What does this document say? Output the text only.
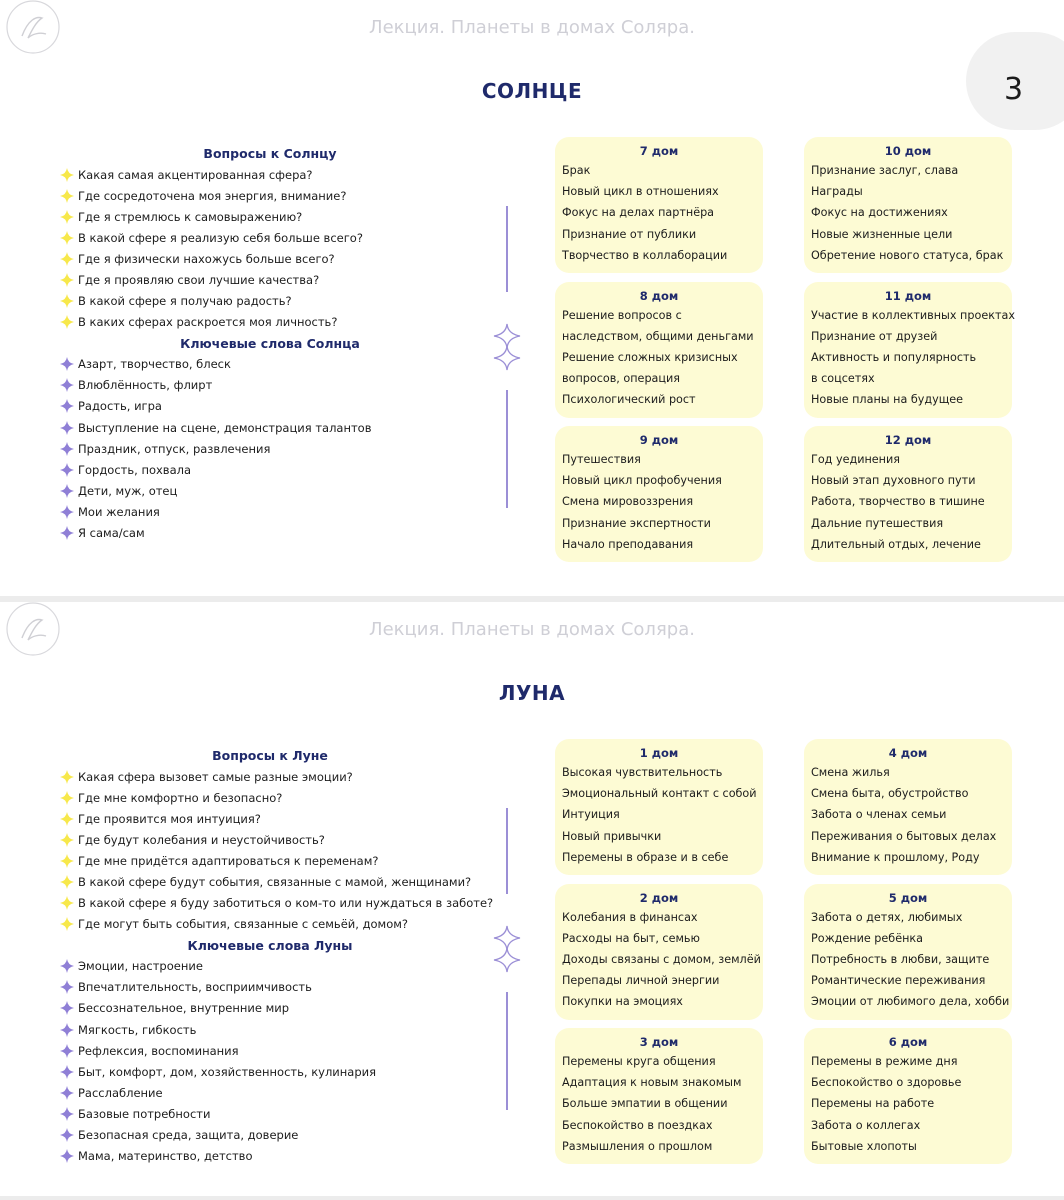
Лекция. Планеты в домах Соляра.
3
СОЛНЦЕ
Вопросы к Солнцу
Какая самая акцентированная сфера?
Где сосредоточена моя энергия, внимание?
Где я стремлюсь к самовыражению?
В какой сфере я реализую себя больше всего?
Где я физически нахожусь больше всего?
Где я проявляю свои лучшие качества?
В какой сфере я получаю радость?
В каких сферах раскроется моя личность?
Ключевые слова Солнца
Азарт, творчество, блеск
Влюблённость, флирт
Радость, игра
Выступление на сцене, демонстрация талантов
Праздник, отпуск, развлечения
Гордость, похвала
Дети, муж, отец
Мои желания
Я сама/сам
7 дом
Брак
Новый цикл в отношениях
Фокус на делах партнёра
Признание от публики
Творчество в коллаборации
10 дом
Признание заслуг, слава
Награды
Фокус на достижениях
Новые жизненные цели
Обретение нового статуса, брак
8 дом
Решение вопросов с
наследством, общими деньгами
Решение сложных кризисных
вопросов, операция
Психологический рост
11 дом
Участие в коллективных проектах
Признание от друзей
Активность и популярность
в соцсетях
Новые планы на будущее
9 дом
Путешествия
Новый цикл профобучения
Смена мировоззрения
Признание экспертности
Начало преподавания
12 дом
Год уединения
Новый этап духовного пути
Работа, творчество в тишине
Дальние путешествия
Длительный отдых, лечение
Лекция. Планеты в домах Соляра.
ЛУНА
Вопросы к Луне
Какая сфера вызовет самые разные эмоции?
Где мне комфортно и безопасно?
Где проявится моя интуиция?
Где будут колебания и неустойчивость?
Где мне придётся адаптироваться к переменам?
В какой сфере будут события, связанные с мамой, женщинами?
В какой сфере я буду заботиться о ком-то или нуждаться в заботе?
Где могут быть события, связанные с семьёй, домом?
Ключевые слова Луны
Эмоции, настроение
Впечатлительность, восприимчивость
Бессознательное, внутренние мир
Мягкость, гибкость
Рефлексия, воспоминания
Быт, комфорт, дом, хозяйственность, кулинария
Расслабление
Базовые потребности
Безопасная среда, защита, доверие
Мама, материнство, детство
1 дом
Высокая чувствительность
Эмоциональный контакт с собой
Интуиция
Новый привычки
Перемены в образе и в себе
4 дом
Смена жилья
Смена быта, обустройство
Забота о членах семьи
Переживания о бытовых делах
Внимание к прошлому, Роду
2 дом
Колебания в финансах
Расходы на быт, семью
Доходы связаны с домом, землёй
Перепады личной энергии
Покупки на эмоциях
5 дом
Забота о детях, любимых
Рождение ребёнка
Потребность в любви, защите
Романтические переживания
Эмоции от любимого дела, хобби
3 дом
Перемены круга общения
Адаптация к новым знакомым
Больше эмпатии в общении
Беспокойство в поездках
Размышления о прошлом
6 дом
Перемены в режиме дня
Беспокойство о здоровье
Перемены на работе
Забота о коллегах
Бытовые хлопоты
